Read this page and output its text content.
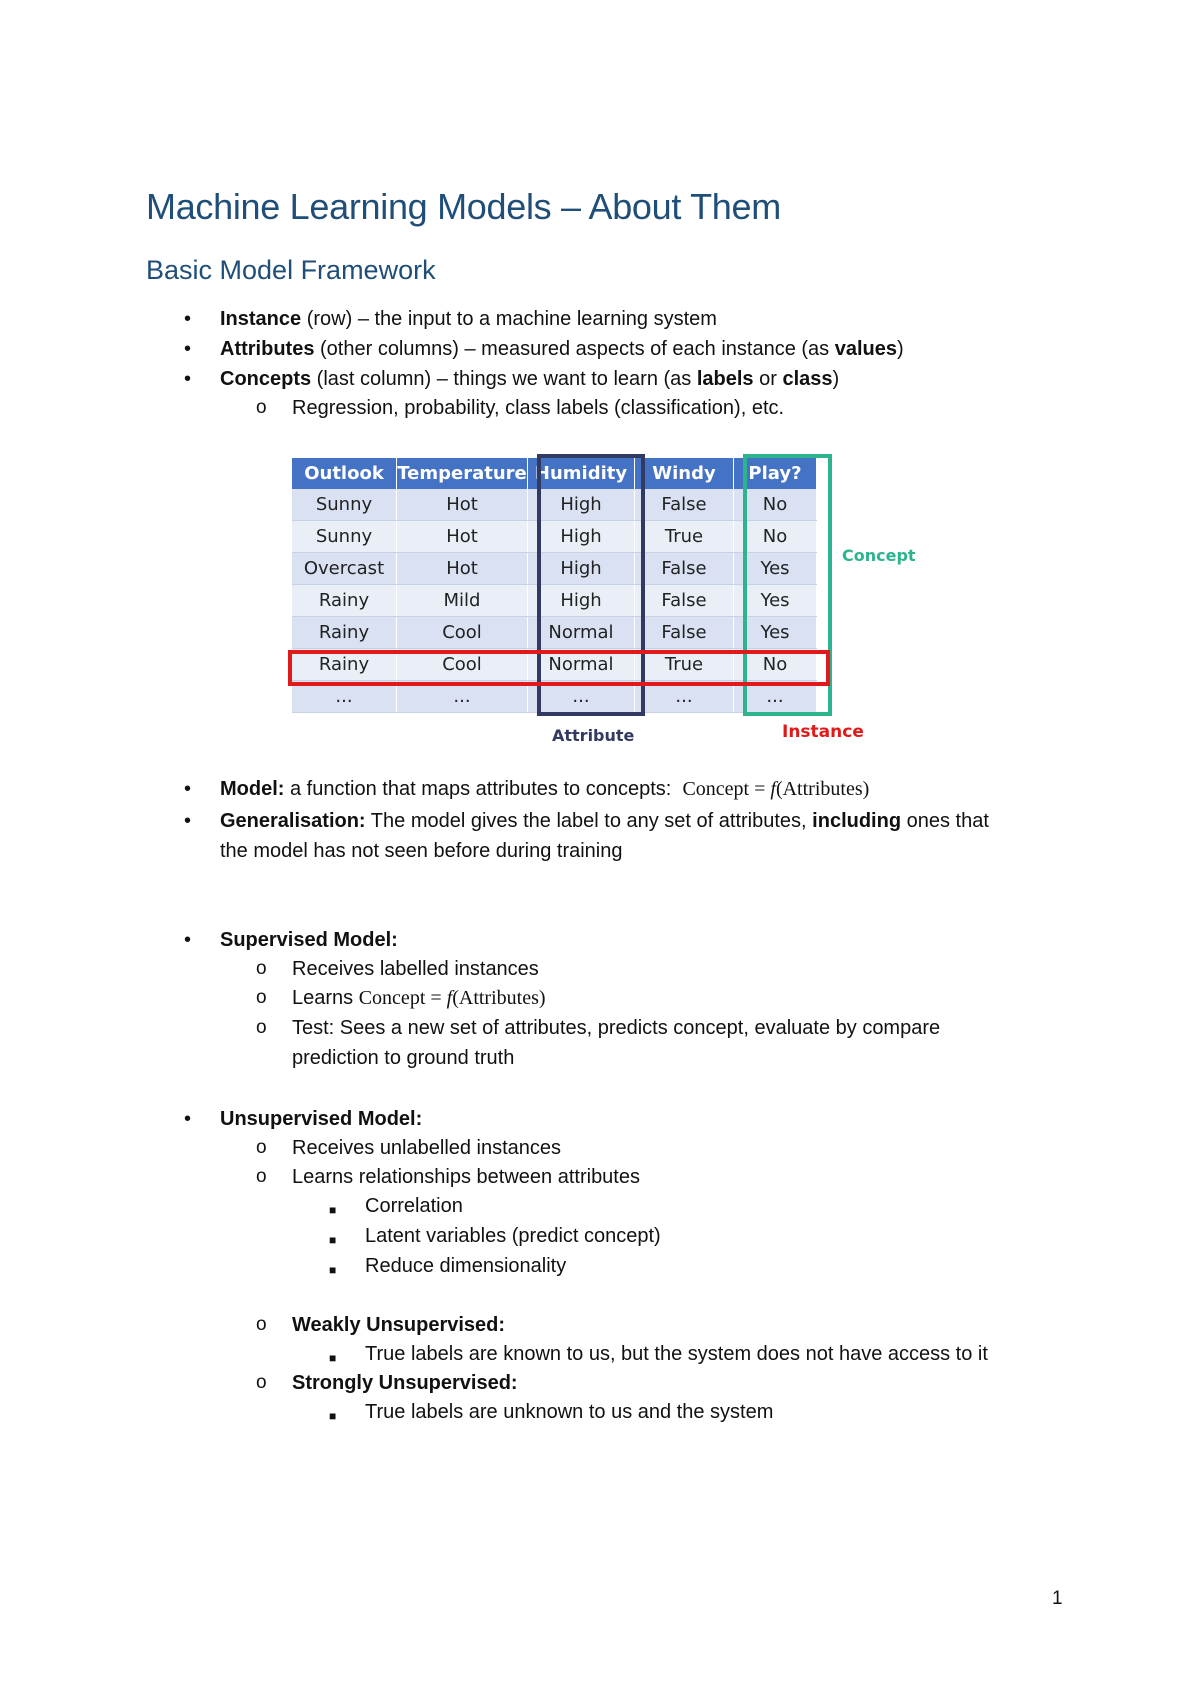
Machine Learning Models – About Them
Basic Model Framework
• Instance (row) – the input to a machine learning system
• Attributes (other columns) – measured aspects of each instance (as values)
• Concepts (last column) – things we want to learn (as labels or class)
o Regression, probability, class labels (classification), etc.
Outlook	Temperature	Humidity	Windy	Play?
Sunny	Hot	High	False	No
Sunny	Hot	High	True	No
Overcast	Hot	High	False	Yes
Rainy	Mild	High	False	Yes
Rainy	Cool	Normal	False	Yes
Rainy	Cool	Normal	True	No
...	...	...	...	...
Concept
Attribute	Instance
• Model: a function that maps attributes to concepts: Concept = f(Attributes)
• Generalisation: The model gives the label to any set of attributes, including ones that
the model has not seen before during training
• Supervised Model:
o Receives labelled instances
o Learns Concept = f(Attributes)
o Test: Sees a new set of attributes, predicts concept, evaluate by compare
prediction to ground truth
• Unsupervised Model:
o Receives unlabelled instances
o Learns relationships between attributes
■ Correlation
■ Latent variables (predict concept)
■ Reduce dimensionality
o Weakly Unsupervised:
■ True labels are known to us, but the system does not have access to it
o Strongly Unsupervised:
■ True labels are unknown to us and the system
1
